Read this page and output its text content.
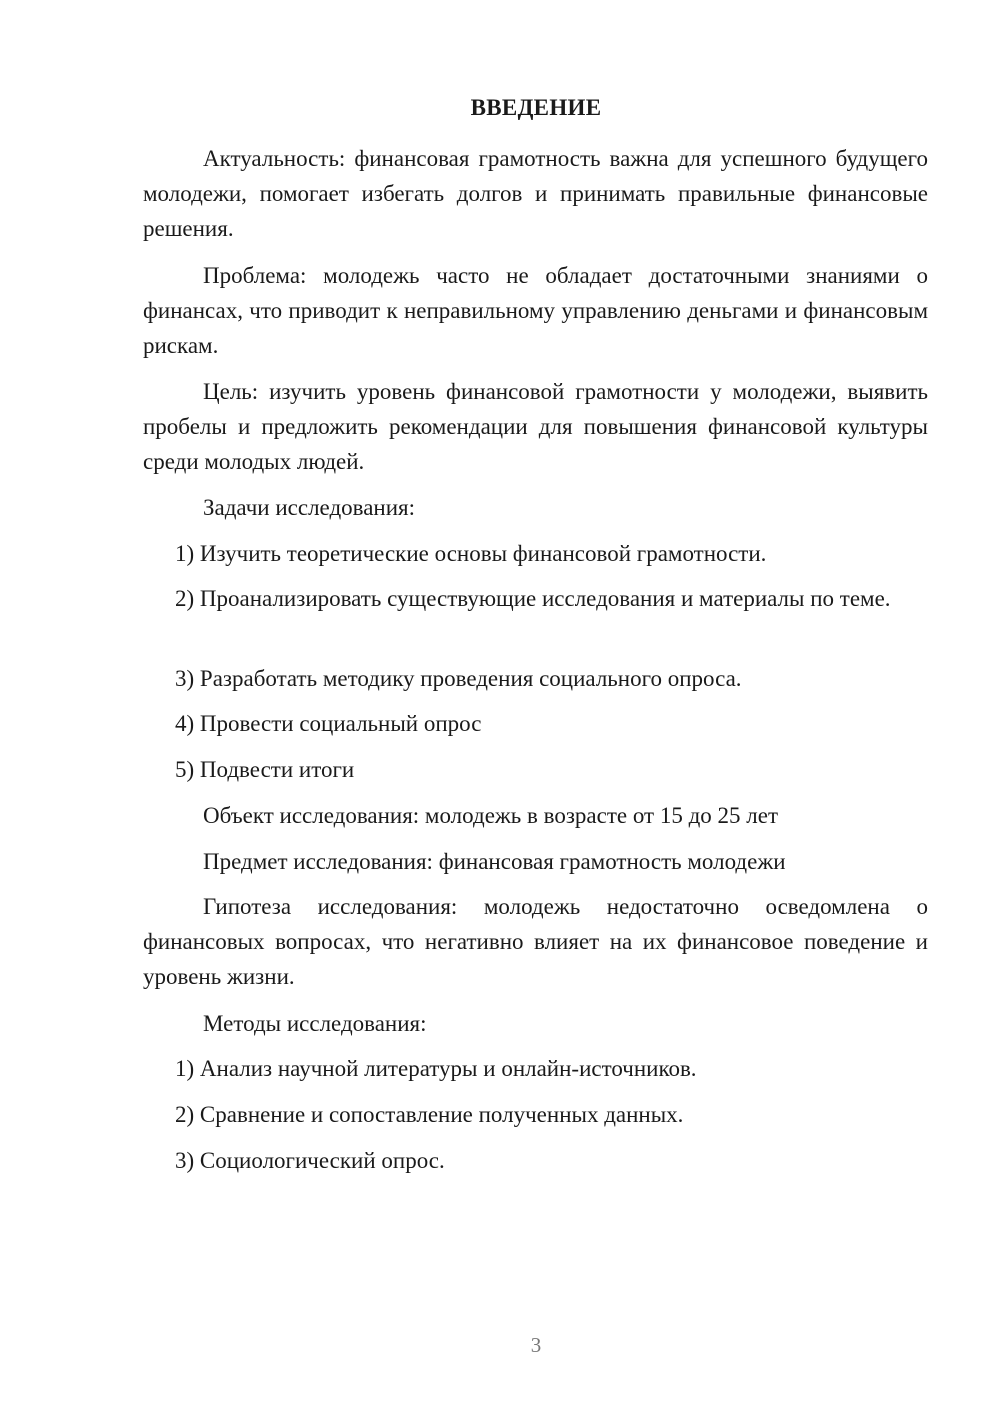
ВВЕДЕНИЕ
Актуальность: финансовая грамотность важна для успешного будущего молодежи, помогает избегать долгов и принимать правильные финансовые решения.
Проблема: молодежь часто не обладает достаточными знаниями о финансах, что приводит к неправильному управлению деньгами и финансовым рискам.
Цель: изучить уровень финансовой грамотности у молодежи, выявить пробелы и предложить рекомендации для повышения финансовой культуры среди молодых людей.
Задачи исследования:
1) Изучить теоретические основы финансовой грамотности.
2) Проанализировать существующие исследования и материалы по теме.
3) Разработать методику проведения социального опроса.
4) Провести социальный опрос
5) Подвести итоги
Объект исследования: молодежь в возрасте от 15 до 25 лет
Предмет исследования: финансовая грамотность молодежи
Гипотеза исследования: молодежь недостаточно осведомлена о финансовых вопросах, что негативно влияет на их финансовое поведение и уровень жизни.
Методы исследования:
1) Анализ научной литературы и онлайн-источников.
2) Сравнение и сопоставление полученных данных.
3) Социологический опрос.
3
